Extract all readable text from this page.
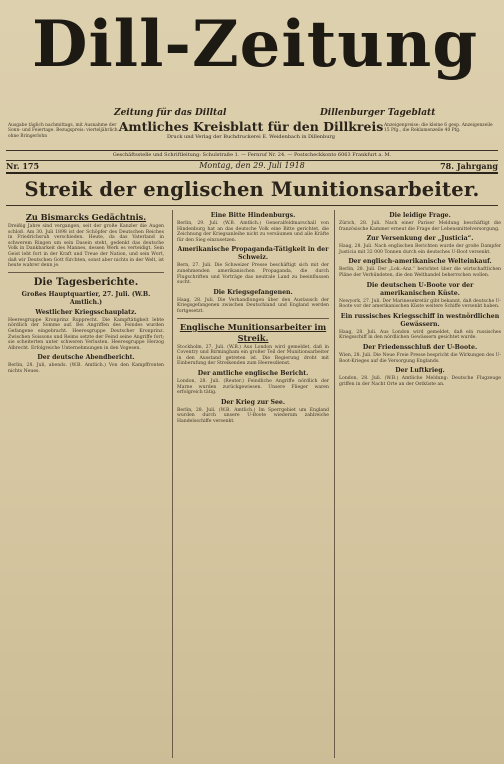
Ausgabe täglich nachmittags, mit Ausnahme der Sonn- und Feiertage. Bezugspreis: vierteljährlich ohne Bringerlohn
Anzeigenpreise: die kleine 6 gesp. Anzeigenzeile 15 Pfg., die Reklamenzeile 40 Pfg.
Dill-Zeitung
Zeitung für das Dilltal	Dillenburger Tageblatt
Amtliches Kreisblatt für den Dillkreis
Druck und Verlag der Buchdruckerei E. Weidenbach in Dillenburg
Geschäftsstelle und Schriftleitung: Schulstraße 1. — Fernruf Nr. 24. — Postscheckkonto 6063 Frankfurt a. M.
Nr. 175	Montag, den 29. Juli 1918	78. Jahrgang
Streik der englischen Munitionsarbeiter.
Zu Bismarcks Gedächtnis.

Dreißig Jahre sind vergangen, seit der große Kanzler die Augen schloß. Am 30. Juli 1898 ist der Schöpfer des Deutschen Reiches in Friedrichsruh verschieden. Heute, da das Vaterland in schwerem Ringen um sein Dasein steht, gedenkt das deutsche Volk in Dankbarkeit des Mannes, dessen Werk es verteidigt. Sein Geist lebt fort in der Kraft und Treue der Nation, und sein Wort, daß wir Deutschen Gott fürchten, sonst aber nichts in der Welt, ist heute wahrer denn je.

Die Tagesberichte.
Großes Hauptquartier, 27. Juli. (W.B. Amtlich.)
Westlicher Kriegsschauplatz.

Heeresgruppe Kronprinz Rupprecht. Die Kampftätigkeit lebte nördlich der Somme auf. Bei Angriffen des Feindes wurden Gefangene eingebracht. Heeresgruppe Deutscher Kronprinz. Zwischen Soissons und Reims setzte der Feind seine Angriffe fort; sie scheiterten unter schweren Verlusten. Heeresgruppe Herzog Albrecht. Erfolgreiche Unternehmungen in den Vogesen.

Der deutsche Abendbericht.

Berlin, 28. Juli, abends. (W.B. Amtlich.) Von den Kampffronten nichts Neues.

Eine Bitte Hindenburgs.

Berlin, 29. Juli. (W.B. Amtlich.) Generalfeldmarschall von Hindenburg hat an das deutsche Volk eine Bitte gerichtet, die Zeichnung der Kriegsanleihe nicht zu versäumen und alle Kräfte für den Sieg einzusetzen.

Amerikanische Propaganda-Tätigkeit in der Schweiz.

Bern, 27. Juli. Die Schweizer Presse beschäftigt sich mit der zunehmenden amerikanischen Propaganda, die durch Flugschriften und Vorträge das neutrale Land zu beeinflussen sucht.

Die Kriegsgefangenen.

Haag, 28. Juli. Die Verhandlungen über den Austausch der Kriegsgefangenen zwischen Deutschland und England werden fortgesetzt.

Englische Munitionsarbeiter im Streik.

Stockholm, 27. Juli. (W.B.) Aus London wird gemeldet, daß in Coventry und Birmingham ein großer Teil der Munitionsarbeiter in den Ausstand getreten ist. Die Regierung droht mit Einberufung der Streikenden zum Heeresdienst.

Der amtliche englische Bericht.

London, 28. Juli. (Reuter.) Feindliche Angriffe nördlich der Marne wurden zurückgewiesen. Unsere Flieger waren erfolgreich tätig.

Der Krieg zur See.

Berlin, 28. Juli. (W.B. Amtlich.) Im Sperrgebiet um England wurden durch unsere U-Boote wiederum zahlreiche Handelsschiffe versenkt.

Die leidige Frage.

Zürich, 28. Juli. Nach einer Pariser Meldung beschäftigt die französische Kammer erneut die Frage der Lebensmittelversorgung.

Zur Versenkung der „Justicia“.

Haag, 28. Juli. Nach englischen Berichten wurde der große Dampfer Justicia mit 32 000 Tonnen durch ein deutsches U-Boot versenkt.

Der englisch-amerikanische Welteinkauf.

Berlin, 28. Juli. Der „Lok.-Anz.“ berichtet über die wirtschaftlichen Pläne der Verbündeten, die den Welthandel beherrschen wollen.

Die deutschen U-Boote vor der amerikanischen Küste.

Newyork, 27. Juli. Der Marinesekretär gibt bekannt, daß deutsche U-Boote vor der amerikanischen Küste weitere Schiffe versenkt haben.

Ein russisches Kriegsschiff in westnördlichen Gewässern.

Haag, 28. Juli. Aus London wird gemeldet, daß ein russisches Kriegsschiff in den nördlichen Gewässern gesichtet wurde.

Der Friedensschluß der U-Boote.

Wien, 28. Juli. Die Neue Freie Presse bespricht die Wirkungen des U-Boot-Krieges auf die Versorgung Englands.

Der Luftkrieg.

London, 28. Juli. (W.B.) Amtliche Meldung: Deutsche Flugzeuge griffen in der Nacht Orte an der Ostküste an.
